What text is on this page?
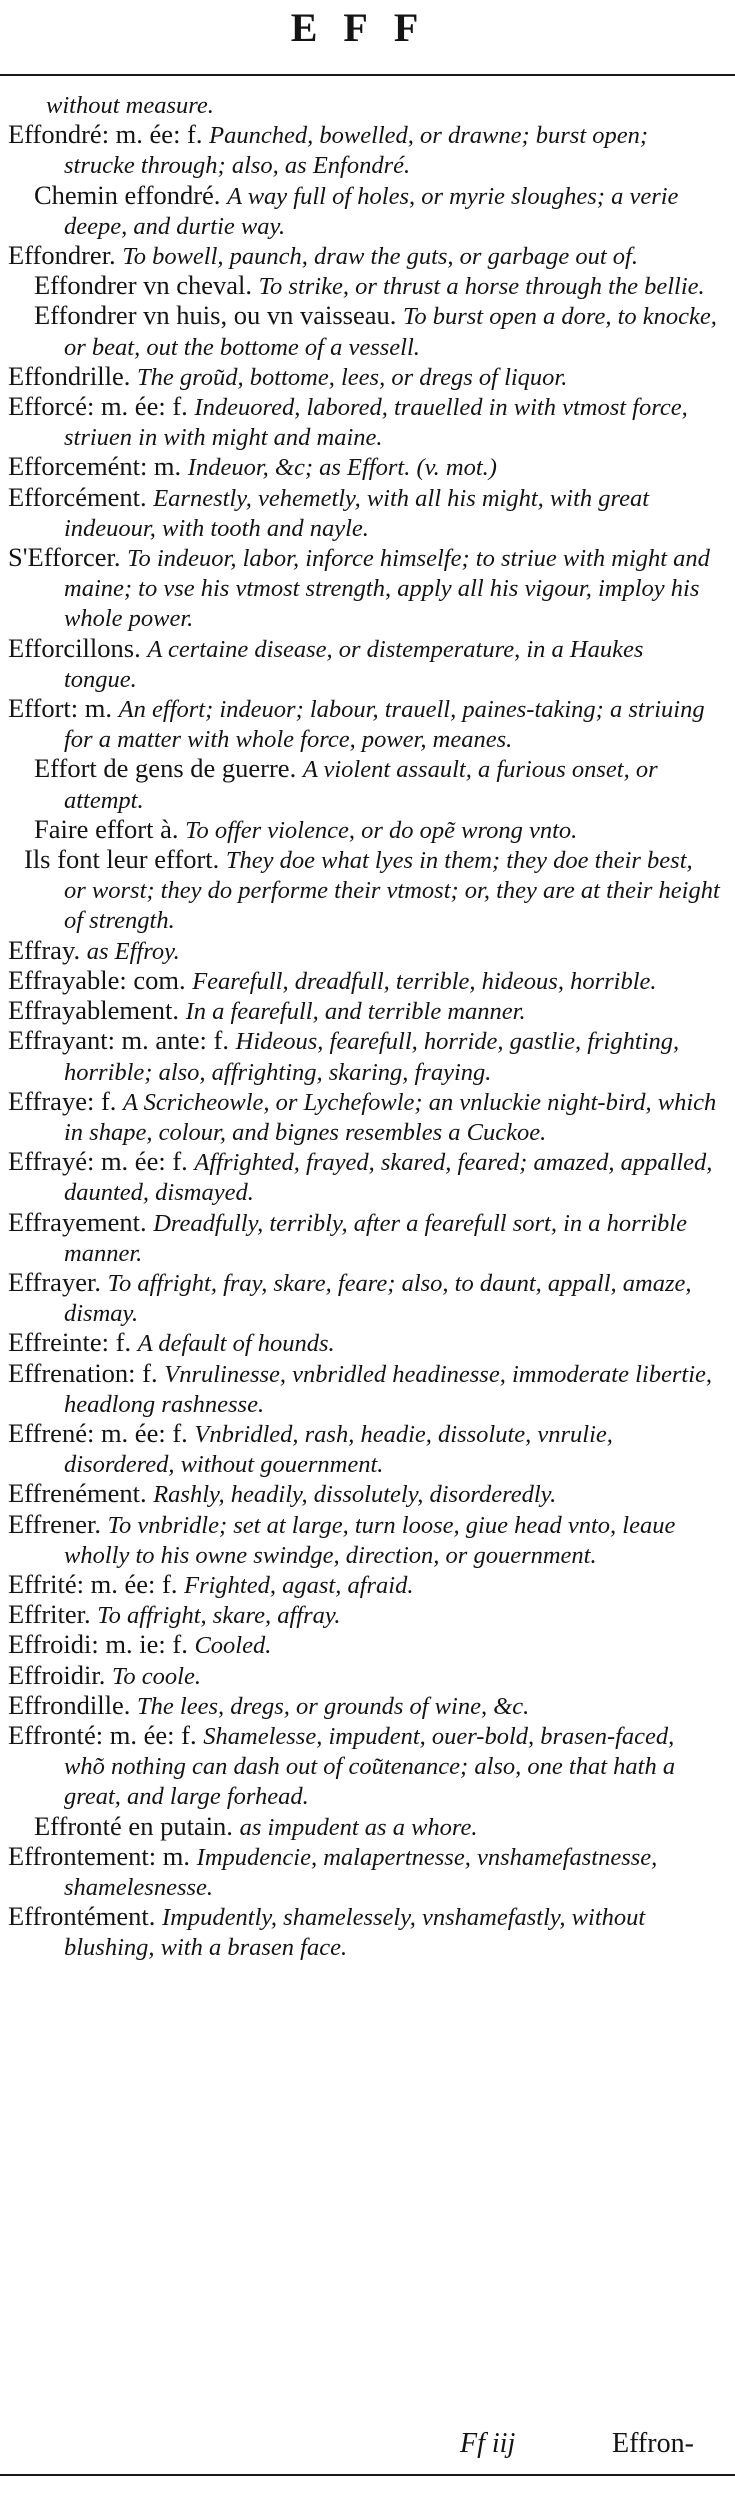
EFF

without measure.

Effondré: m. ée: f. Paunched, bowelled, or drawne; burst open; strucke through; also, as Enfondré.

Chemin effondré. A way full of holes, or myrie sloughes; a verie deepe, and durtie way.

Effondrer. To bowell, paunch, draw the guts, or garbage out of.

Effondrer vn cheval. To strike, or thrust a horse through the bellie.

Effondrer vn huis, ou vn vaisseau. To burst open a dore, to knocke, or beat, out the bottome of a vessell.

Effondrille. The grou͂d, bottome, lees, or dregs of liquor.

Efforcé: m. ée: f. Indeuored, labored, trauelled in with vtmost force, striuen in with might and maine.

Efforcemént: m. Indeuor, &c; as Effort. (v. mot.)

Efforcément. Earnestly, vehemetly, with all his might, with great indeuour, with tooth and nayle.

S'Efforcer. To indeuor, labor, inforce himselfe; to striue with might and maine; to vse his vtmost strength, apply all his vigour, imploy his whole power.

Efforcillons. A certaine disease, or distemperature, in a Haukes tongue.

Effort: m. An effort; indeuor; labour, trauell, paines-taking; a striuing for a matter with whole force, power, meanes.

Effort de gens de guerre. A violent assault, a furious onset, or attempt.

Faire effort à. To offer violence, or do ope͂ wrong vnto.

Ils font leur effort. They doe what lyes in them; they doe their best, or worst; they do performe their vtmost; or, they are at their height of strength.

Effray. as Effroy.

Effrayable: com. Fearefull, dreadfull, terrible, hideous, horrible.

Effrayablement. In a fearefull, and terrible manner.

Effrayant: m. ante: f. Hideous, fearefull, horride, gastlie, frighting, horrible; also, affrighting, skaring, fraying.

Effraye: f. A Scricheowle, or Lychefowle; an vnluckie night-bird, which in shape, colour, and bignes resembles a Cuckoe.

Effrayé: m. ée: f. Affrighted, frayed, skared, feared; amazed, appalled, daunted, dismayed.

Effrayement. Dreadfully, terribly, after a fearefull sort, in a horrible manner.

Effrayer. To affright, fray, skare, feare; also, to daunt, appall, amaze, dismay.

Effreinte: f. A default of hounds.

Effrenation: f. Vnrulinesse, vnbridled headinesse, immoderate libertie, headlong rashnesse.

Effrené: m. ée: f. Vnbridled, rash, headie, dissolute, vnrulie, disordered, without gouernment.

Effrenément. Rashly, headily, dissolutely, disorderedly.

Effrener. To vnbridle; set at large, turn loose, giue head vnto, leaue wholly to his owne swindge, direction, or gouernment.

Effrité: m. ée: f. Frighted, agast, afraid.

Effriter. To affright, skare, affray.

Effroidi: m. ie: f. Cooled.

Effroidir. To coole.

Effrondille. The lees, dregs, or grounds of wine, &c.

Effronté: m. ée: f. Shamelesse, impudent, ouer-bold, brasen-faced, who͂ nothing can dash out of cou͂tenance; also, one that hath a great, and large forhead.

Effronté en putain. as impudent as a whore.

Effrontement: m. Impudencie, malapertnesse, vnshamefastnesse, shamelesnesse.

Effrontément. Impudently, shamelessely, vnshamefastly, without blushing, with a brasen face.

Ff iij	Effron-
